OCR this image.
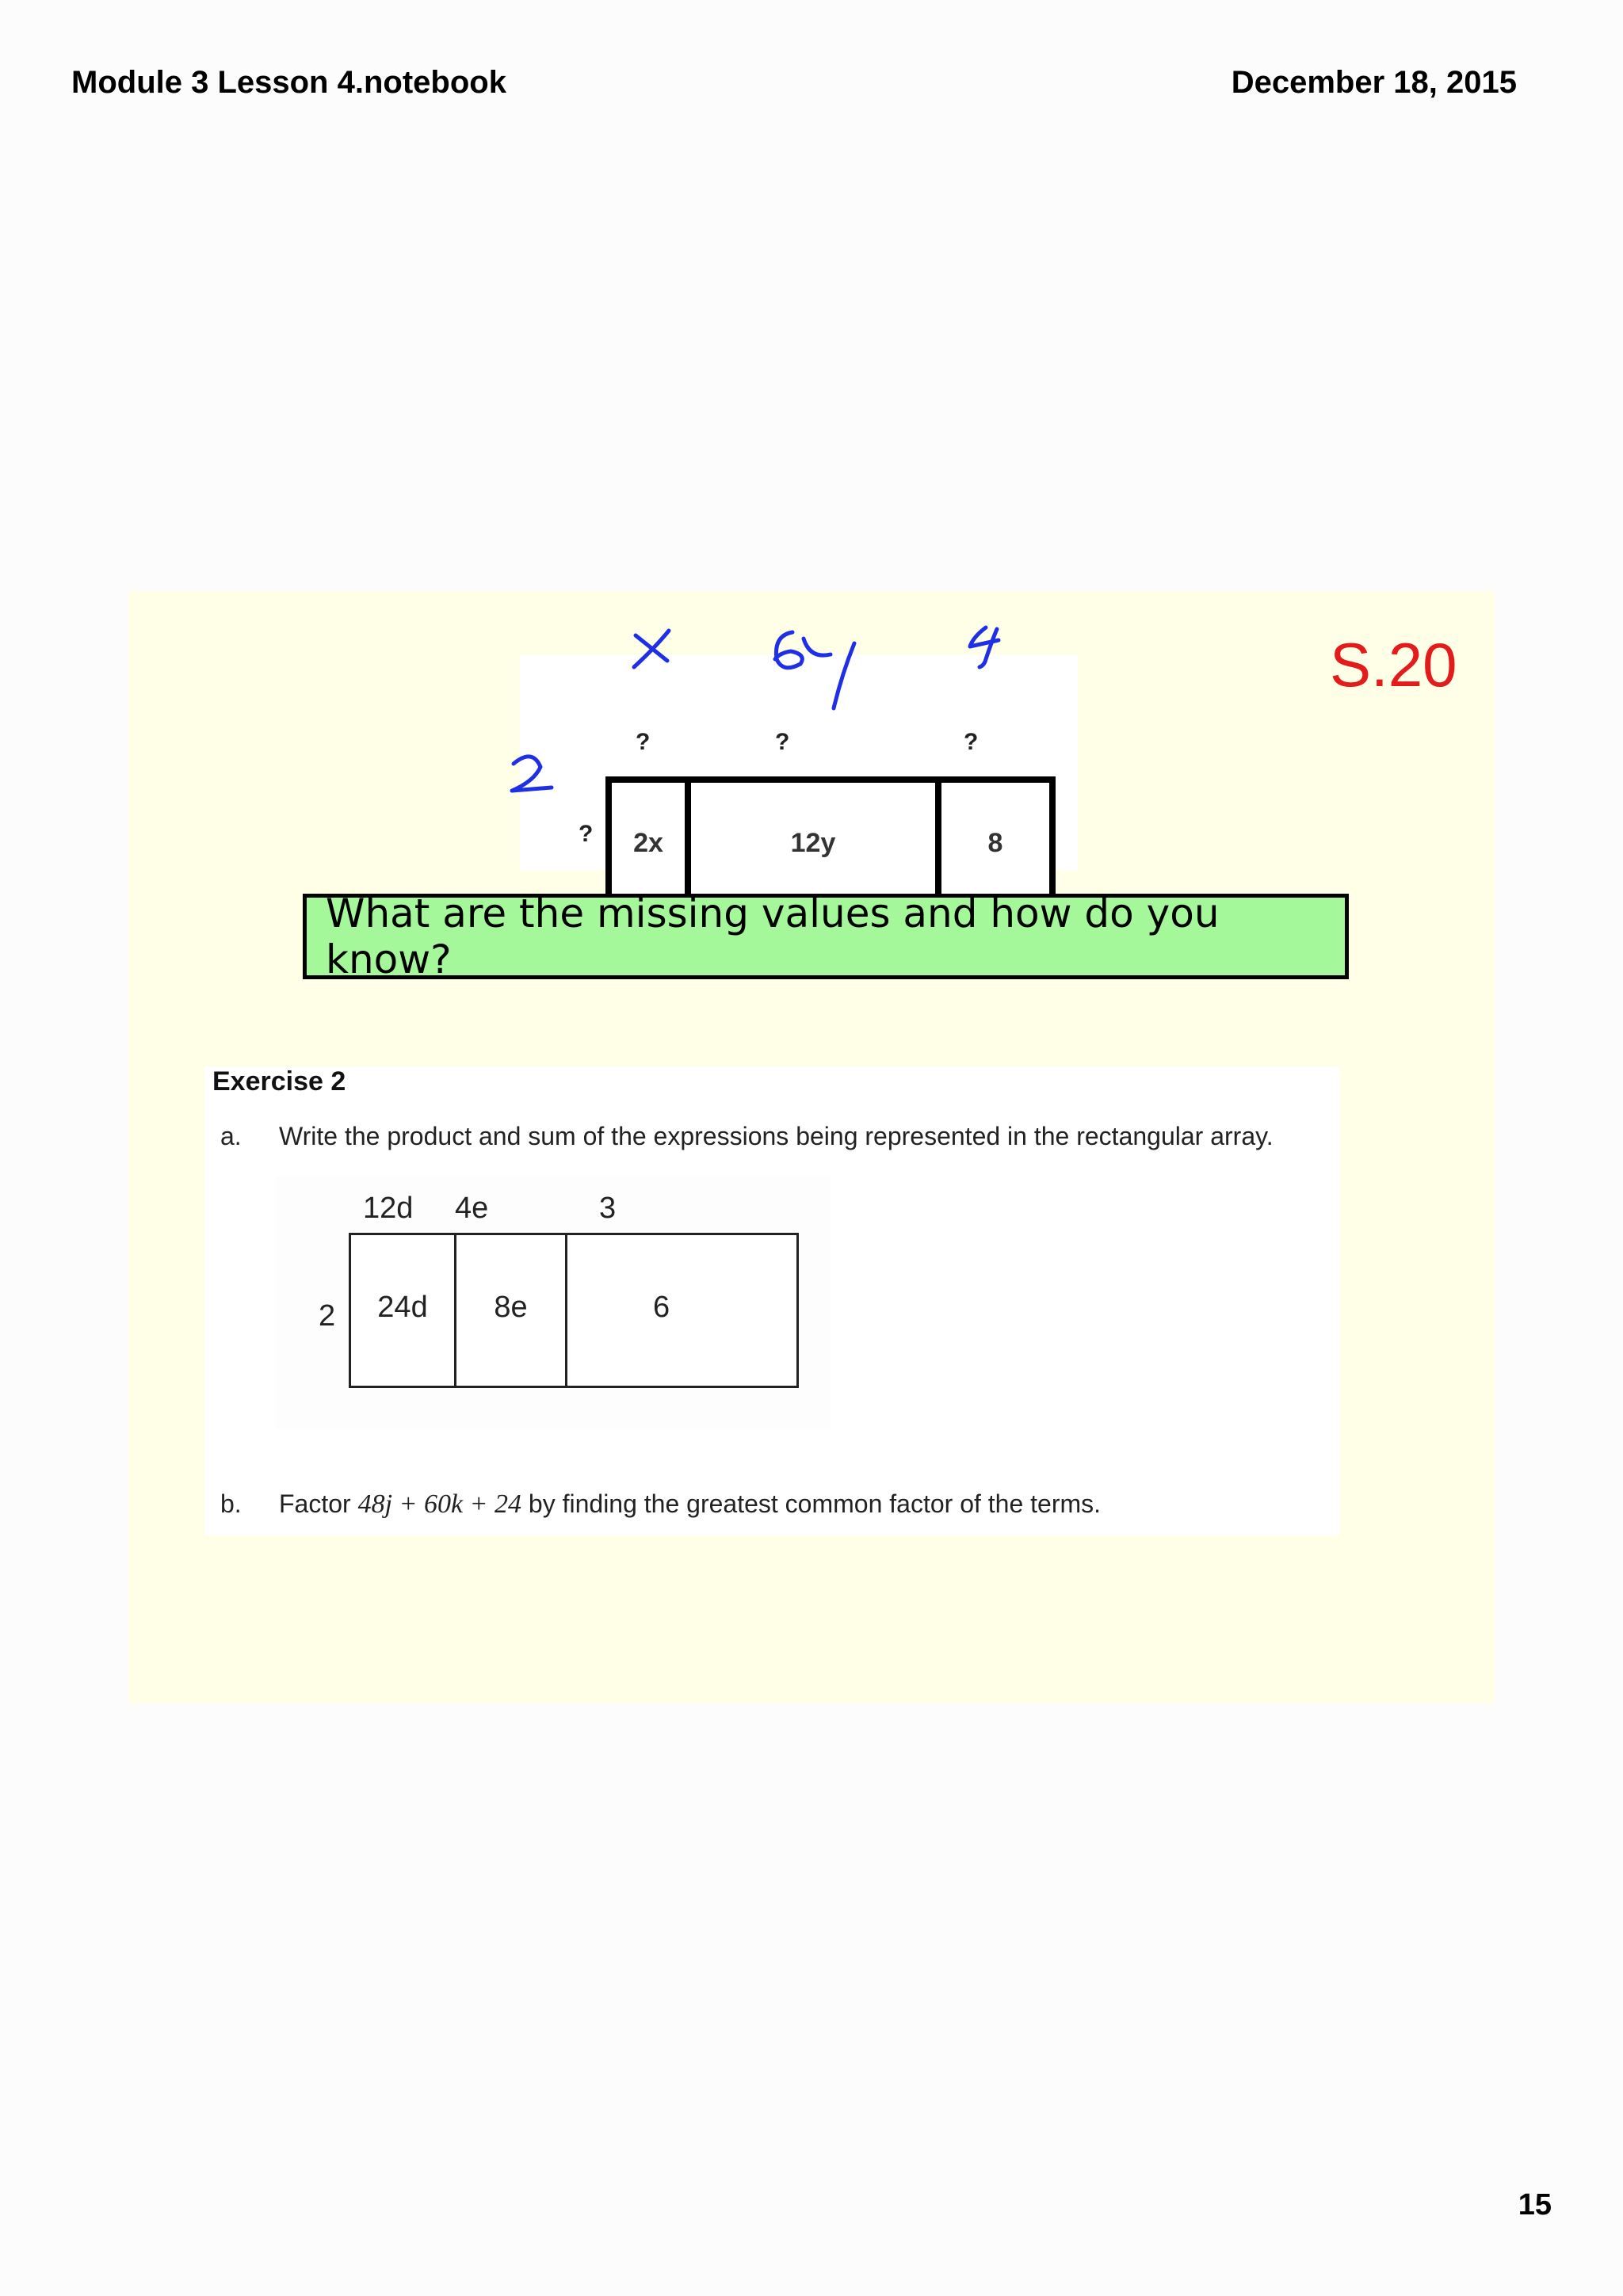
Module 3 Lesson 4.notebook	December 18, 2015
S.20
?	?	?
?	2x	12y	8
What are the missing values and how do you know?
Exercise 2
a. Write the product and sum of the expressions being represented in the rectangular array.
12d 4e	3
2	24d	8e	6
b. Factor 48j + 60k + 24 by finding the greatest common factor of the terms.
15
